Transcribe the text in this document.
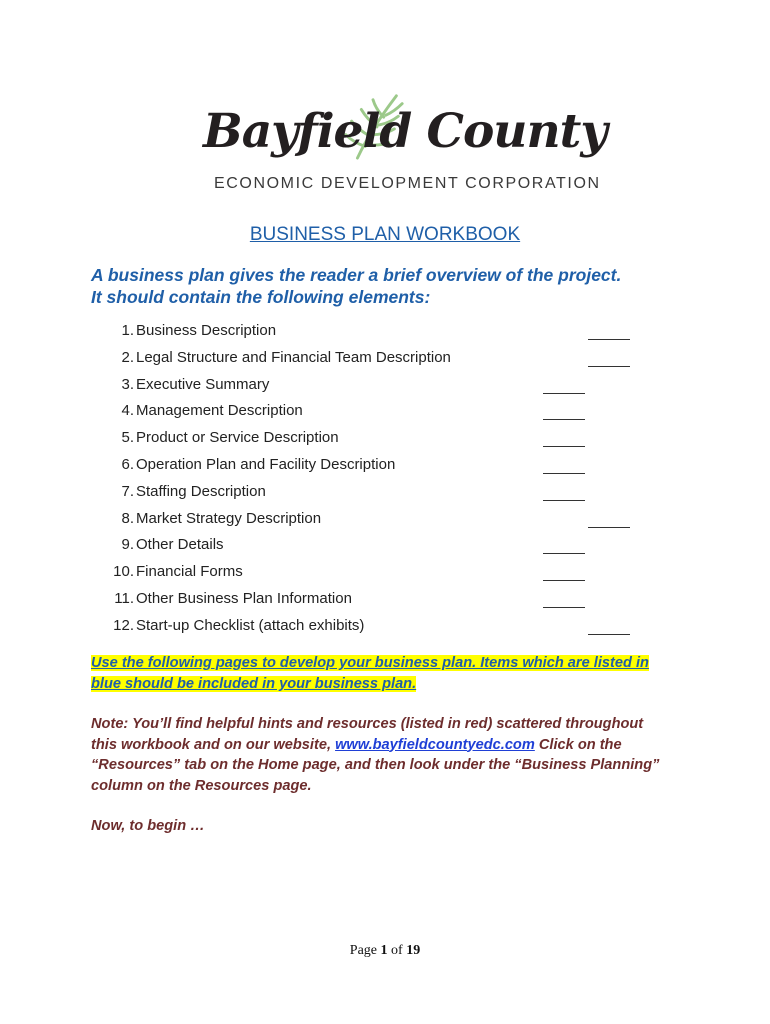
Bayfield County
ECONOMIC DEVELOPMENT CORPORATION
BUSINESS PLAN WORKBOOK
A business plan gives the reader a brief overview of the project.
It should contain the following elements:
1. Business Description
2. Legal Structure and Financial Team Description
3. Executive Summary
4. Management Description
5. Product or Service Description
6. Operation Plan and Facility Description
7. Staffing Description
8. Market Strategy Description
9. Other Details
10. Financial Forms
11. Other Business Plan Information
12. Start-up Checklist (attach exhibits)
Use the following pages to develop your business plan. Items which are listed in
blue should be included in your business plan.
Note: You’ll find helpful hints and resources (listed in red) scattered throughout
this workbook and on our website, www.bayfieldcountyedc.com Click on the
“Resources” tab on the Home page, and then look under the “Business Planning”
column on the Resources page.
Now, to begin …
Page 1 of 19
